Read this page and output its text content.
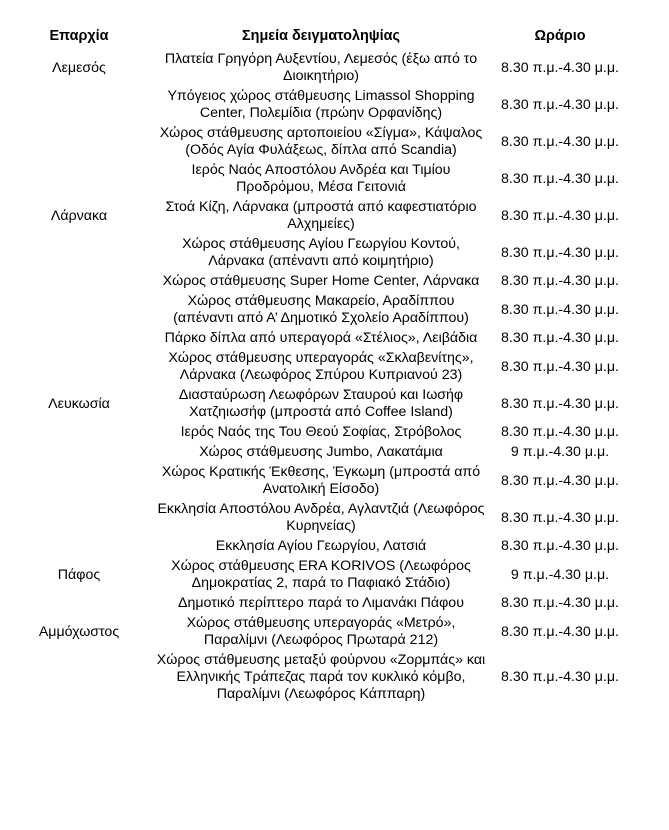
Επαρχία	Σημεία δειγματοληψίας	Ωράριο
Λεμεσός	Πλατεία Γρηγόρη Αυξεντίου, Λεμεσός (έξω από το Διοικητήριο)	8.30 π.μ.-4.30 μ.μ.
	Υπόγειος χώρος στάθμευσης Limassol Shopping Center, Πολεμίδια (πρώην Ορφανίδης)	8.30 π.μ.-4.30 μ.μ.
	Χώρος στάθμευσης αρτοποιείου «Σίγμα», Κάψαλος (Οδός Αγία Φυλάξεως, δίπλα από Scandia)	8.30 π.μ.-4.30 μ.μ.
	Ιερός Ναός Αποστόλου Ανδρέα και Τιμίου Προδρόμου, Μέσα Γειτονιά	8.30 π.μ.-4.30 μ.μ.
Λάρνακα	Στοά Κίζη, Λάρνακα (μπροστά από καφεστιατόριο Αλχημείες)	8.30 π.μ.-4.30 μ.μ.
	Χώρος στάθμευσης Αγίου Γεωργίου Κοντού, Λάρνακα (απέναντι από κοιμητήριο)	8.30 π.μ.-4.30 μ.μ.
	Χώρος στάθμευσης Super Home Center, Λάρνακα	8.30 π.μ.-4.30 μ.μ.
	Χώρος στάθμευσης Μακαρείο, Αραδίππου (απέναντι από Α’ Δημοτικό Σχολείο Αραδίππου)	8.30 π.μ.-4.30 μ.μ.
	Πάρκο δίπλα από υπεραγορά «Στέλιος», Λειβάδια	8.30 π.μ.-4.30 μ.μ.
	Χώρος στάθμευσης υπεραγοράς «Σκλαβενίτης», Λάρνακα (Λεωφόρος Σπύρου Κυπριανού 23)	8.30 π.μ.-4.30 μ.μ.
Λευκωσία	Διασταύρωση Λεωφόρων Σταυρού και Ιωσήφ Χατζηιωσήφ (μπροστά από Coffee Island)	8.30 π.μ.-4.30 μ.μ.
	Ιερός Ναός της Του Θεού Σοφίας, Στρόβολος	8.30 π.μ.-4.30 μ.μ.
	Χώρος στάθμευσης Jumbo, Λακατάμια	9 π.μ.-4.30 μ.μ.
	Χώρος Κρατικής Έκθεσης, Έγκωμη (μπροστά από Ανατολική Είσοδο)	8.30 π.μ.-4.30 μ.μ.
	Εκκλησία Αποστόλου Ανδρέα, Αγλαντζιά (Λεωφόρος Κυρηνείας)	8.30 π.μ.-4.30 μ.μ.
	Εκκλησία Αγίου Γεωργίου, Λατσιά	8.30 π.μ.-4.30 μ.μ.
Πάφος	Χώρος στάθμευσης ERA KORIVOS (Λεωφόρος Δημοκρατίας 2, παρά το Παφιακό Στάδιο)	9 π.μ.-4.30 μ.μ.
	Δημοτικό περίπτερο παρά το Λιμανάκι Πάφου	8.30 π.μ.-4.30 μ.μ.
Αμμόχωστος	Χώρος στάθμευσης υπεραγοράς «Μετρό», Παραλίμνι (Λεωφόρος Πρωταρά 212)	8.30 π.μ.-4.30 μ.μ.
	Χώρος στάθμευσης μεταξύ φούρνου «Ζορμπάς» και Ελληνικής Τράπεζας παρά τον κυκλικό κόμβο, Παραλίμνι (Λεωφόρος Κάππαρη)	8.30 π.μ.-4.30 μ.μ.
